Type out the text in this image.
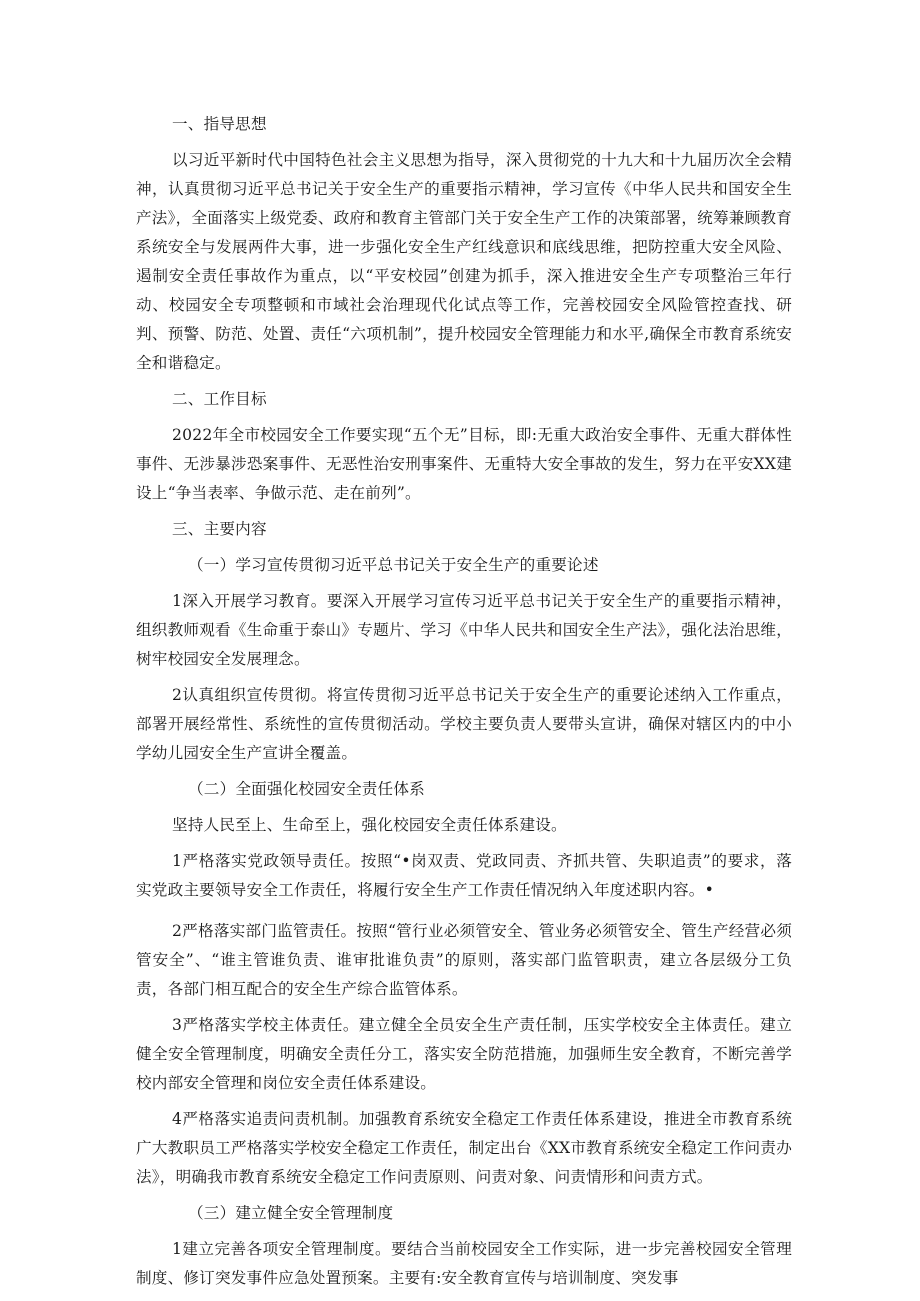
一、指导思想

以习近平新时代中国特色社会主义思想为指导，深入贯彻党的十九大和十九届历次全会精神，认真贯彻习近平总书记关于安全生产的重要指示精神，学习宣传《中华人民共和国安全生产法》，全面落实上级党委、政府和教育主管部门关于安全生产工作的决策部署，统筹兼顾教育系统安全与发展两件大事，进一步强化安全生产红线意识和底线思维，把防控重大安全风险、遏制安全责任事故作为重点，以“平安校园”创建为抓手，深入推进安全生产专项整治三年行动、校园安全专项整顿和市域社会治理现代化试点等工作，完善校园安全风险管控查找、研判、预警、防范、处置、责任“六项机制”，提升校园安全管理能力和水平,确保全市教育系统安全和谐稳定。

二、工作目标

2022年全市校园安全工作要实现“五个无”目标，即:无重大政治安全事件、无重大群体性事件、无涉暴涉恐案事件、无恶性治安刑事案件、无重特大安全事故的发生，努力在平安XX建设上“争当表率、争做示范、走在前列”。

三、主要内容

（一）学习宣传贯彻习近平总书记关于安全生产的重要论述

1深入开展学习教育。要深入开展学习宣传习近平总书记关于安全生产的重要指示精神，组织教师观看《生命重于泰山》专题片、学习《中华人民共和国安全生产法》，强化法治思维，树牢校园安全发展理念。

2认真组织宣传贯彻。将宣传贯彻习近平总书记关于安全生产的重要论述纳入工作重点，部署开展经常性、系统性的宣传贯彻活动。学校主要负责人要带头宣讲，确保对辖区内的中小学幼儿园安全生产宣讲全覆盖。

（二）全面强化校园安全责任体系

坚持人民至上、生命至上，强化校园安全责任体系建设。

1严格落实党政领导责任。按照“•岗双责、党政同责、齐抓共管、失职追责”的要求，落实党政主要领导安全工作责任，将履行安全生产工作责任情况纳入年度述职内容。•

2严格落实部门监管责任。按照“管行业必须管安全、管业务必须管安全、管生产经营必须管安全”、“谁主管谁负责、谁审批谁负责”的原则，落实部门监管职责，建立各层级分工负责，各部门相互配合的安全生产综合监管体系。

3严格落实学校主体责任。建立健全全员安全生产责任制，压实学校安全主体责任。建立健全安全管理制度，明确安全责任分工，落实安全防范措施，加强师生安全教育，不断完善学校内部安全管理和岗位安全责任体系建设。

4严格落实追责问责机制。加强教育系统安全稳定工作责任体系建设，推进全市教育系统广大教职员工严格落实学校安全稳定工作责任，制定出台《XX市教育系统安全稳定工作问责办法》，明确我市教育系统安全稳定工作问责原则、问责对象、问责情形和问责方式。

（三）建立健全安全管理制度

1建立完善各项安全管理制度。要结合当前校园安全工作实际，进一步完善校园安全管理制度、修订突发事件应急处置预案。主要有:安全教育宣传与培训制度、突发事
